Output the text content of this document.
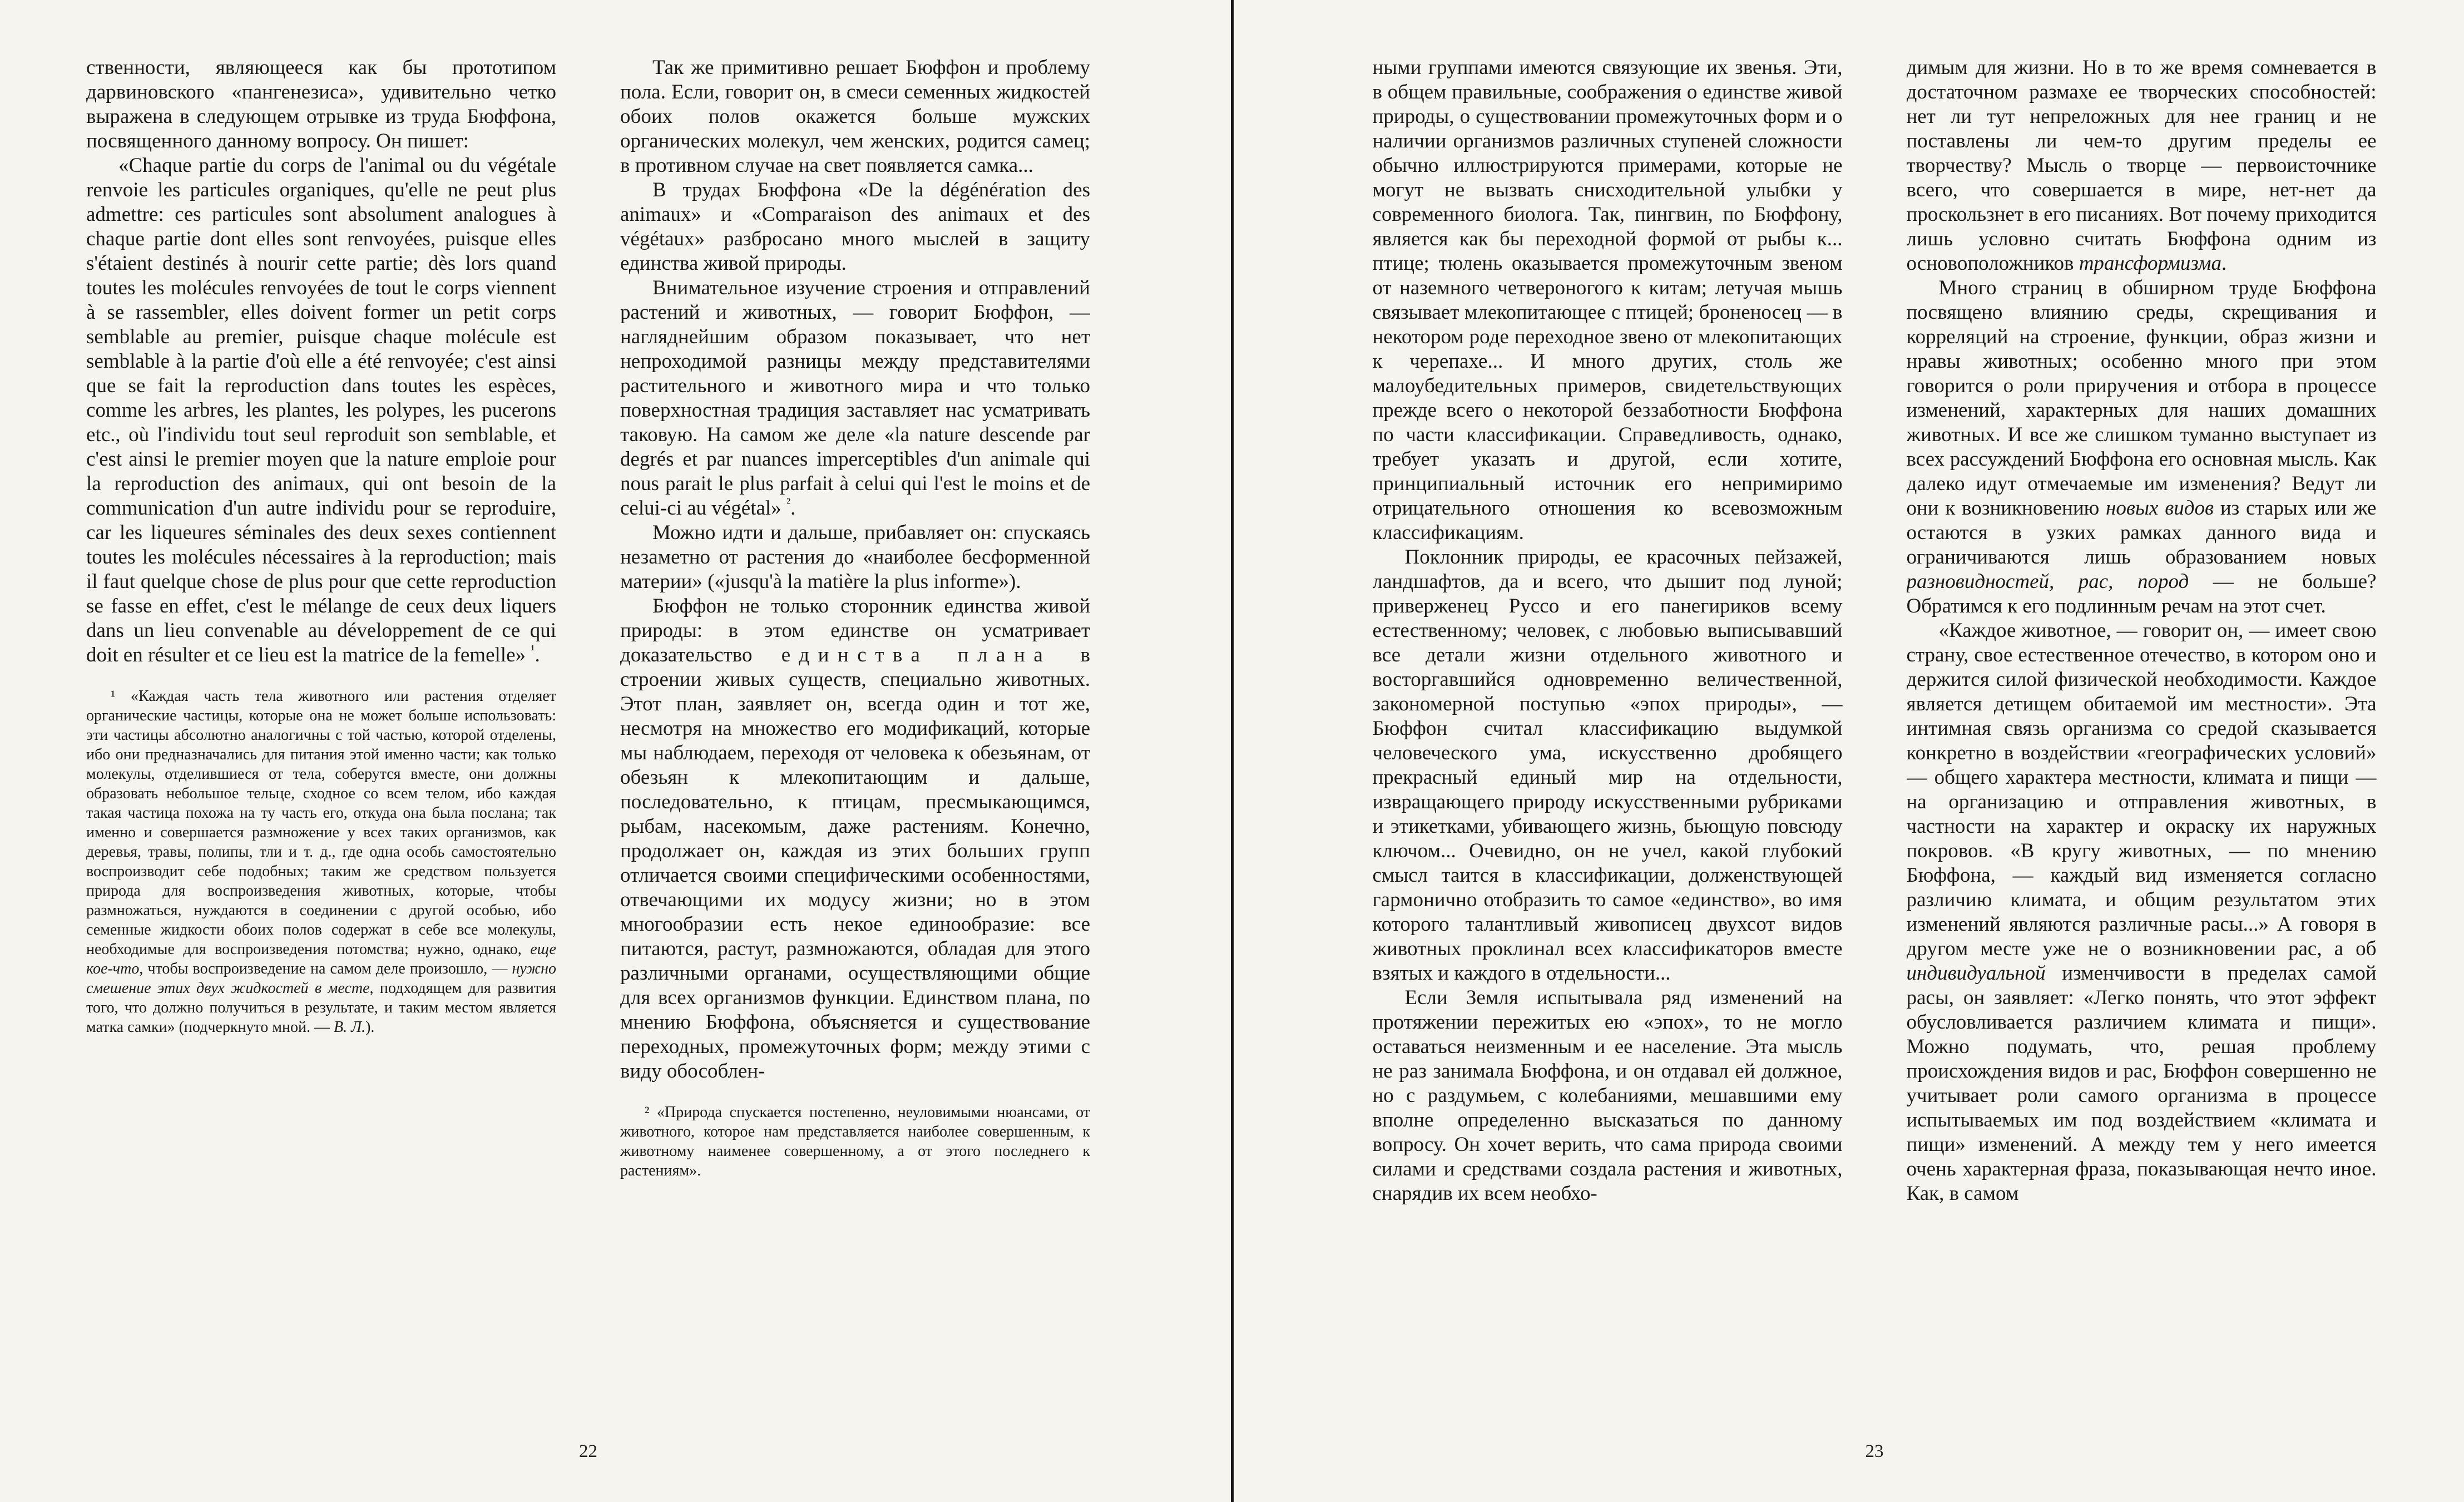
ственности, являющееся как бы прототипом дарвиновского «пангенезиса», удивительно четко выражена в следующем отрывке из труда Бюффона, посвященного данному вопросу. Он пишет:

«Chaque partie du corps de l'animal ou du végétale renvoie les particules organiques, qu'elle ne peut plus admettre: ces particules sont absolument analogues à chaque partie dont elles sont renvoyées, puisque elles s'étaient destinés à nourir cette partie; dès lors quand toutes les molécules renvoyées de tout le corps viennent à se rassembler, elles doivent former un petit corps semblable au premier, puisque chaque molécule est semblable à la partie d'où elle a été renvoyée; c'est ainsi que se fait la reproduction dans toutes les espèces, comme les arbres, les plantes, les polypes, les pucerons etc., où l'individu tout seul reproduit son semblable, et c'est ainsi le premier moyen que la nature emploie pour la reproduction des animaux, qui ont besoin de la communication d'un autre individu pour se reproduire, car les liqueures séminales des deux sexes contiennent toutes les molécules nécessaires à la reproduction; mais il faut quelque chose de plus pour que cette reproduction se fasse en effet, c'est le mélange de ceux deux liquers dans un lieu convenable au développement de ce qui doit en résulter et ce lieu est la matrice de la femelle» $^{^1}$.

¹ «Каждая часть тела животного или растения отделяет органические частицы, которые она не может больше использовать: эти частицы абсолютно аналогичны с той частью, которой отделены, ибо они предназначались для питания этой именно части; как только молекулы, отделившиеся от тела, соберутся вместе, они должны образовать небольшое тельце, сходное со всем телом, ибо каждая такая частица похожа на ту часть его, откуда она была послана; так именно и совершается размножение у всех таких организмов, как деревья, травы, полипы, тли и т. д., где одна особь самостоятельно воспроизводит себе подобных; таким же средством пользуется природа для воспроизведения животных, которые, чтобы размножаться, нуждаются в соединении с другой особью, ибо семенные жидкости обоих полов содержат в себе все молекулы, необходимые для воспроизведения потомства; нужно, однако, еще кое-что, чтобы воспроизведение на самом деле произошло, — нужно смешение этих двух жидкостей в месте, подходящем для развития того, что должно получиться в результате, и таким местом является матка самки» (подчеркнуто мной. — В. Л.).

Так же примитивно решает Бюффон и проблему пола. Если, говорит он, в смеси семенных жидкостей обоих полов окажется больше мужских органических молекул, чем женских, родится самец; в противном случае на свет появляется самка...

В трудах Бюффона «De la dégénération des animaux» и «Comparaison des animaux et des végétaux» разбросано много мыслей в защиту единства живой природы.

Внимательное изучение строения и отправлений растений и животных, — говорит Бюффон, — нагляднейшим образом показывает, что нет непроходимой разницы между представителями растительного и животного мира и что только поверхностная традиция заставляет нас усматривать таковую. На самом же деле «la nature descende par degrés et par nuances imperceptibles d'un animale qui nous parait le plus parfait à celui qui l'est le moins et de celui-ci au végétal» $^{^2}$.

Можно идти и дальше, прибавляет он: спускаясь незаметно от растения до «наиболее бесформенной материи» («jusqu'à la matière la plus informe»).

Бюффон не только сторонник единства живой природы: в этом единстве он усматривает доказательство единства плана в строении живых существ, специально животных. Этот план, заявляет он, всегда один и тот же, несмотря на множество его модификаций, которые мы наблюдаем, переходя от человека к обезьянам, от обезьян к млекопитающим и дальше, последовательно, к птицам, пресмыкающимся, рыбам, насекомым, даже растениям. Конечно, продолжает он, каждая из этих больших групп отличается своими специфическими особенностями, отвечающими их модусу жизни; но в этом многообразии есть некое единообразие: все питаются, растут, размножаются, обладая для этого различными органами, осуществляющими общие для всех организмов функции. Единством плана, по мнению Бюффона, объясняется и существование переходных, промежуточных форм; между этими с виду обособлен-

² «Природа спускается постепенно, неуловимыми нюансами, от животного, которое нам представляется наиболее совершенным, к животному наименее совершенному, а от этого последнего к растениям».

22

ными группами имеются связующие их звенья. Эти, в общем правильные, соображения о единстве живой природы, о существовании промежуточных форм и о наличии организмов различных ступеней сложности обычно иллюстрируются примерами, которые не могут не вызвать снисходительной улыбки у современного биолога. Так, пингвин, по Бюффону, является как бы переходной формой от рыбы к... птице; тюлень оказывается промежуточным звеном от наземного четвероногого к китам; летучая мышь связывает млекопитающее с птицей; броненосец — в некотором роде переходное звено от млекопитающих к черепахе... И много других, столь же малоубедительных примеров, свидетельствующих прежде всего о некоторой беззаботности Бюффона по части классификации. Справедливость, однако, требует указать и другой, если хотите, принципиальный источник его непримиримо отрицательного отношения ко всевозможным классификациям.

Поклонник природы, ее красочных пейзажей, ландшафтов, да и всего, что дышит под луной; приверженец Руссо и его панегириков всему естественному; человек, с любовью выписывавший все детали жизни отдельного животного и восторгавшийся одновременно величественной, закономерной поступью «эпох природы», — Бюффон считал классификацию выдумкой человеческого ума, искусственно дробящего прекрасный единый мир на отдельности, извращающего природу искусственными рубриками и этикетками, убивающего жизнь, бьющую повсюду ключом... Очевидно, он не учел, какой глубокий смысл таится в классификации, долженствующей гармонично отобразить то самое «единство», во имя которого талантливый живописец двухсот видов животных проклинал всех классификаторов вместе взятых и каждого в отдельности...

Если Земля испытывала ряд изменений на протяжении пережитых ею «эпох», то не могло оставаться неизменным и ее население. Эта мысль не раз занимала Бюффона, и он отдавал ей должное, но с раздумьем, с колебаниями, мешавшими ему вполне определенно высказаться по данному вопросу. Он хочет верить, что сама природа своими силами и средствами создала растения и животных, снарядив их всем необхо-

димым для жизни. Но в то же время сомневается в достаточном размахе ее творческих способностей: нет ли тут непреложных для нее границ и не поставлены ли чем-то другим пределы ее творчеству? Мысль о творце — первоисточнике всего, что совершается в мире, нет-нет да проскользнет в его писаниях. Вот почему приходится лишь условно считать Бюффона одним из основоположников трансформизма.

Много страниц в обширном труде Бюффона посвящено влиянию среды, скрещивания и корреляций на строение, функции, образ жизни и нравы животных; особенно много при этом говорится о роли приручения и отбора в процессе изменений, характерных для наших домашних животных. И все же слишком туманно выступает из всех рассуждений Бюффона его основная мысль. Как далеко идут отмечаемые им изменения? Ведут ли они к возникновению новых видов из старых или же остаются в узких рамках данного вида и ограничиваются лишь образованием новых разновидностей, рас, пород — не больше? Обратимся к его подлинным речам на этот счет.

«Каждое животное, — говорит он, — имеет свою страну, свое естественное отечество, в котором оно и держится силой физической необходимости. Каждое является детищем обитаемой им местности». Эта интимная связь организма со средой сказывается конкретно в воздействии «географических условий» — общего характера местности, климата и пищи — на организацию и отправления животных, в частности на характер и окраску их наружных покровов. «В кругу животных, — по мнению Бюффона, — каждый вид изменяется согласно различию климата, и общим результатом этих изменений являются различные расы...» А говоря в другом месте уже не о возникновении рас, а об индивидуальной изменчивости в пределах самой расы, он заявляет: «Легко понять, что этот эффект обусловливается различием климата и пищи». Можно подумать, что, решая проблему происхождения видов и рас, Бюффон совершенно не учитывает роли самого организма в процессе испытываемых им под воздействием «климата и пищи» изменений. А между тем у него имеется очень характерная фраза, показывающая нечто иное. Как, в самом

23
